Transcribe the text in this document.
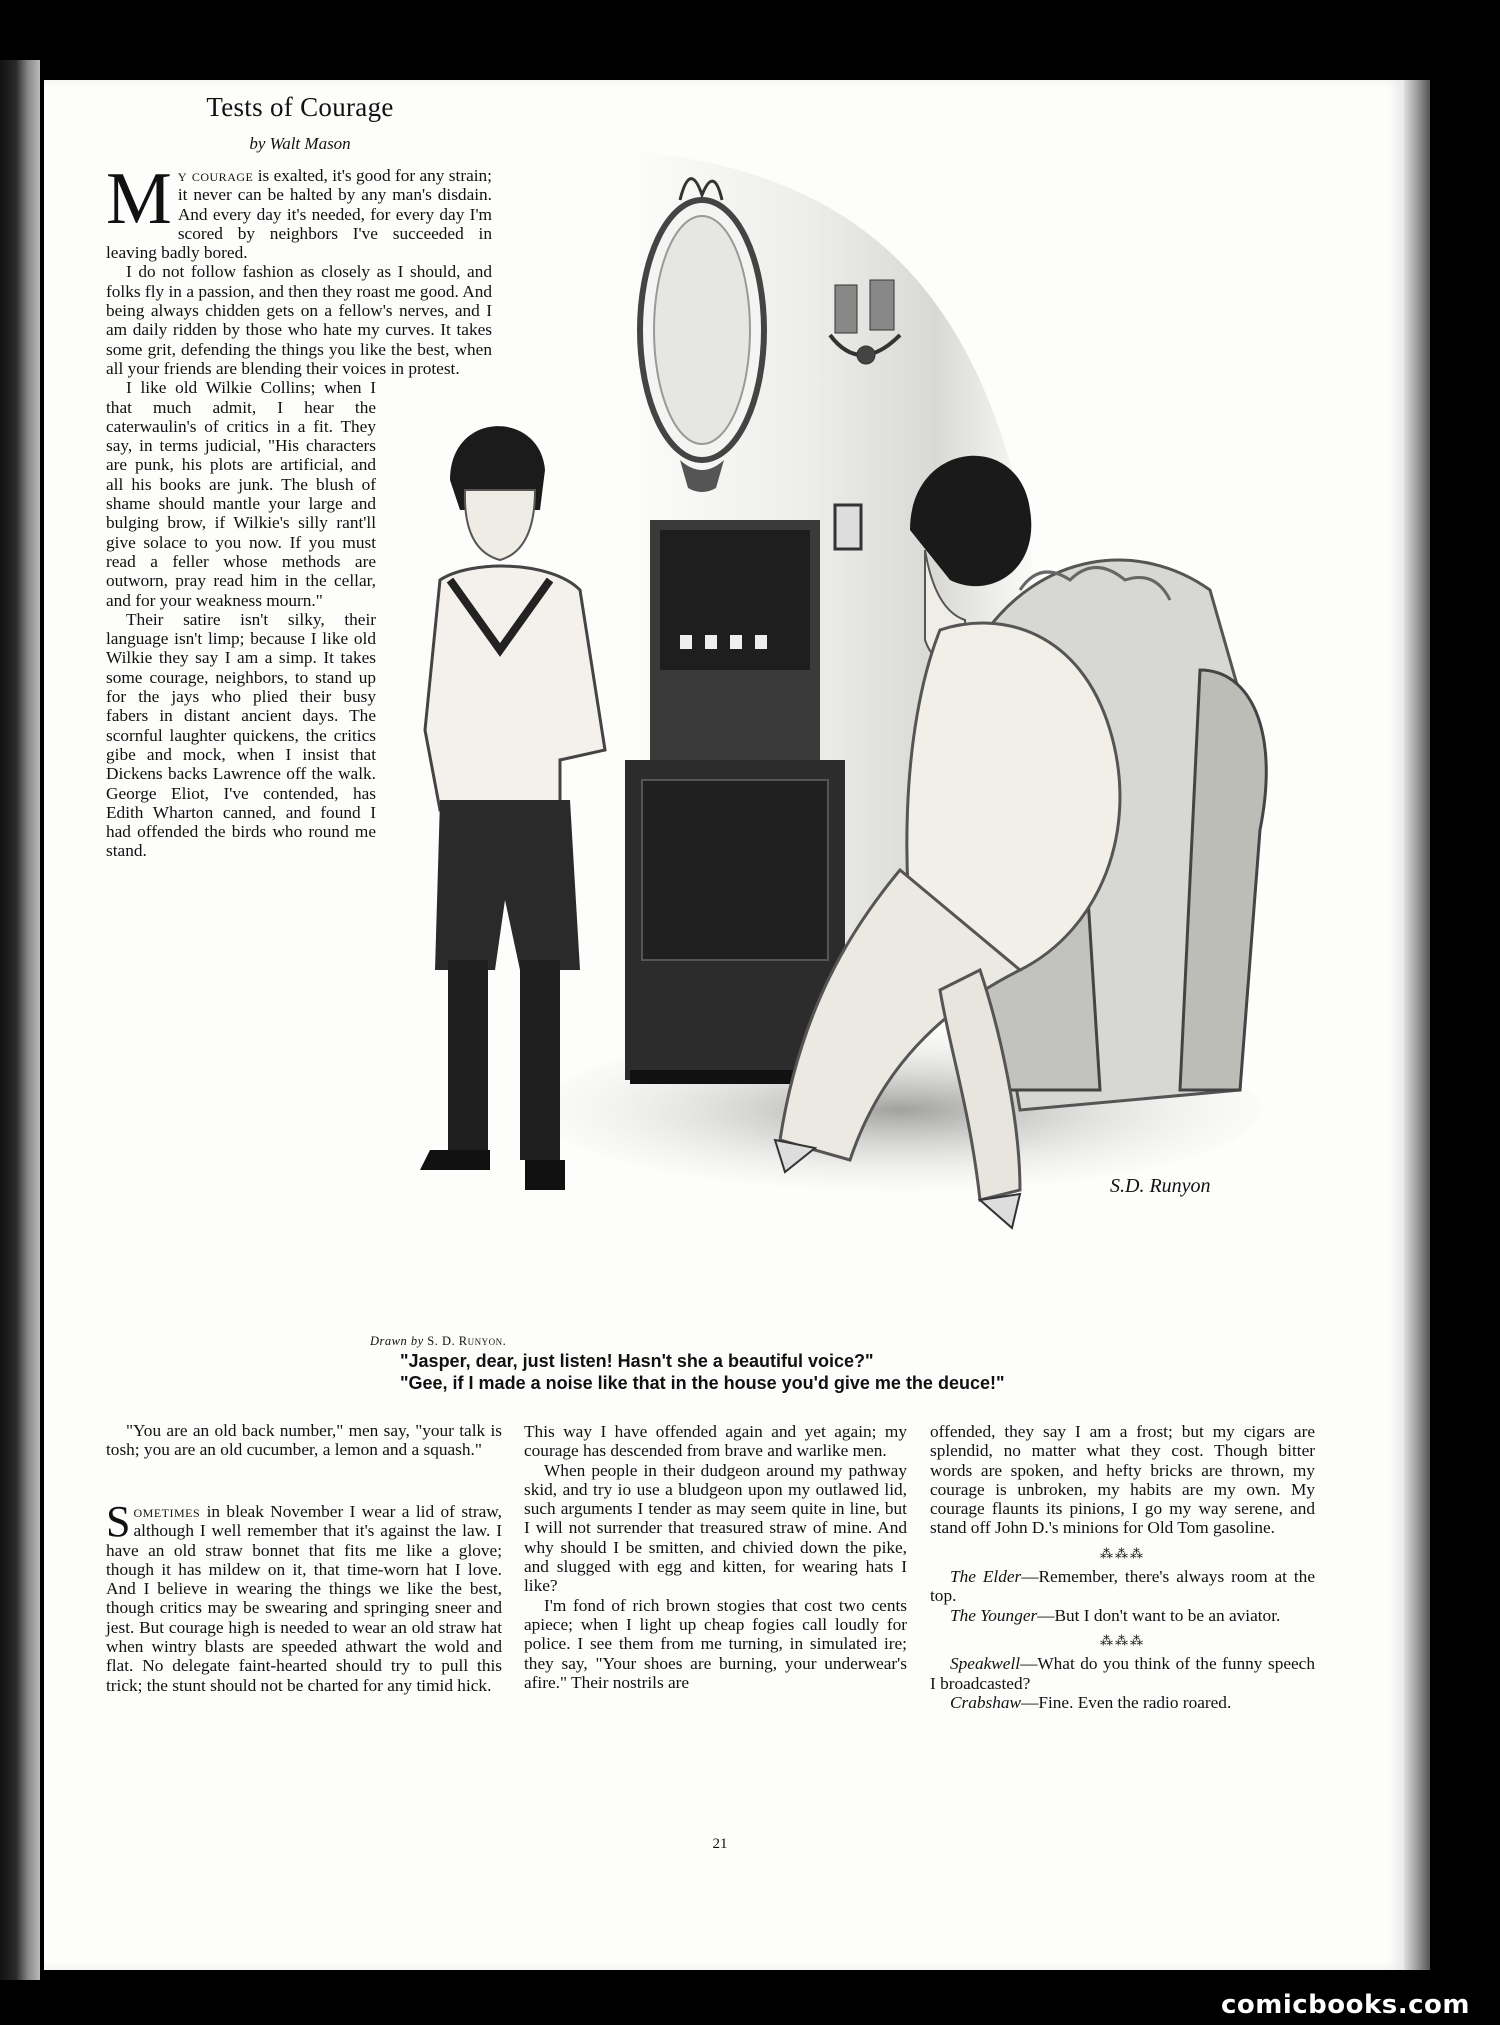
Tests of Courage
by Walt Mason

My courage is exalted, it's good for any strain; it never can be halted by any man's disdain. And every day it's needed, for every day I'm scored by neighbors I've succeeded in leaving badly bored.

I do not follow fashion as closely as I should, and folks fly in a passion, and then they roast me good. And being always chidden gets on a fellow's nerves, and I am daily ridden by those who hate my curves. It takes some grit, defending the things you like the best, when all your friends are blending their voices in protest.

I like old Wilkie Collins; when I that much admit, I hear the caterwaulin's of critics in a fit. They say, in terms judicial, "His characters are punk, his plots are artificial, and all his books are junk. The blush of shame should mantle your large and bulging brow, if Wilkie's silly rant'll give solace to you now. If you must read a feller whose methods are outworn, pray read him in the cellar, and for your weakness mourn."

Their satire isn't silky, their language isn't limp; because I like old Wilkie they say I am a simp. It takes some courage, neighbors, to stand up for the jays who plied their busy fabers in distant ancient days. The scornful laughter quickens, the critics gibe and mock, when I insist that Dickens backs Lawrence off the walk. George Eliot, I've contended, has Edith Wharton canned, and found I had offended the birds who round me stand.

"You are an old back number," men say, "your talk is tosh; you are an old cucumber, a lemon and a squash."

S.D. Runyon
Drawn by S. D. Runyon.
"Jasper, dear, just listen! Hasn't she a beautiful voice?"
"Gee, if I made a noise like that in the house you'd give me the deuce!"

Sometimes in bleak November I wear a lid of straw, although I well remember that it's against the law. I have an old straw bonnet that fits me like a glove; though it has mildew on it, that time-worn hat I love. And I believe in wearing the things we like the best, though critics may be swearing and springing sneer and jest. But courage high is needed to wear an old straw hat when wintry blasts are speeded athwart the wold and flat. No delegate faint-hearted should try to pull this trick; the stunt should not be charted for any timid hick.

This way I have offended again and yet again; my courage has descended from brave and warlike men.

When people in their dudgeon around my pathway skid, and try io use a bludgeon upon my outlawed lid, such arguments I tender as may seem quite in line, but I will not surrender that treasured straw of mine. And why should I be smitten, and chivied down the pike, and slugged with egg and kitten, for wearing hats I like?

I'm fond of rich brown stogies that cost two cents apiece; when I light up cheap fogies call loudly for police. I see them from me turning, in simulated ire; they say, "Your shoes are burning, your underwear's afire." Their nostrils are

offended, they say I am a frost; but my cigars are splendid, no matter what they cost. Though bitter words are spoken, and hefty bricks are thrown, my courage is unbroken, my habits are my own. My courage flaunts its pinions, I go my way serene, and stand off John D.'s minions for Old Tom gasoline.

⁂⁂⁂

The Elder—Remember, there's always room at the top.

The Younger—But I don't want to be an aviator.

⁂⁂⁂

Speakwell—What do you think of the funny speech I broadcasted?

Crabshaw—Fine. Even the radio roared.

21
comicbooks.com
